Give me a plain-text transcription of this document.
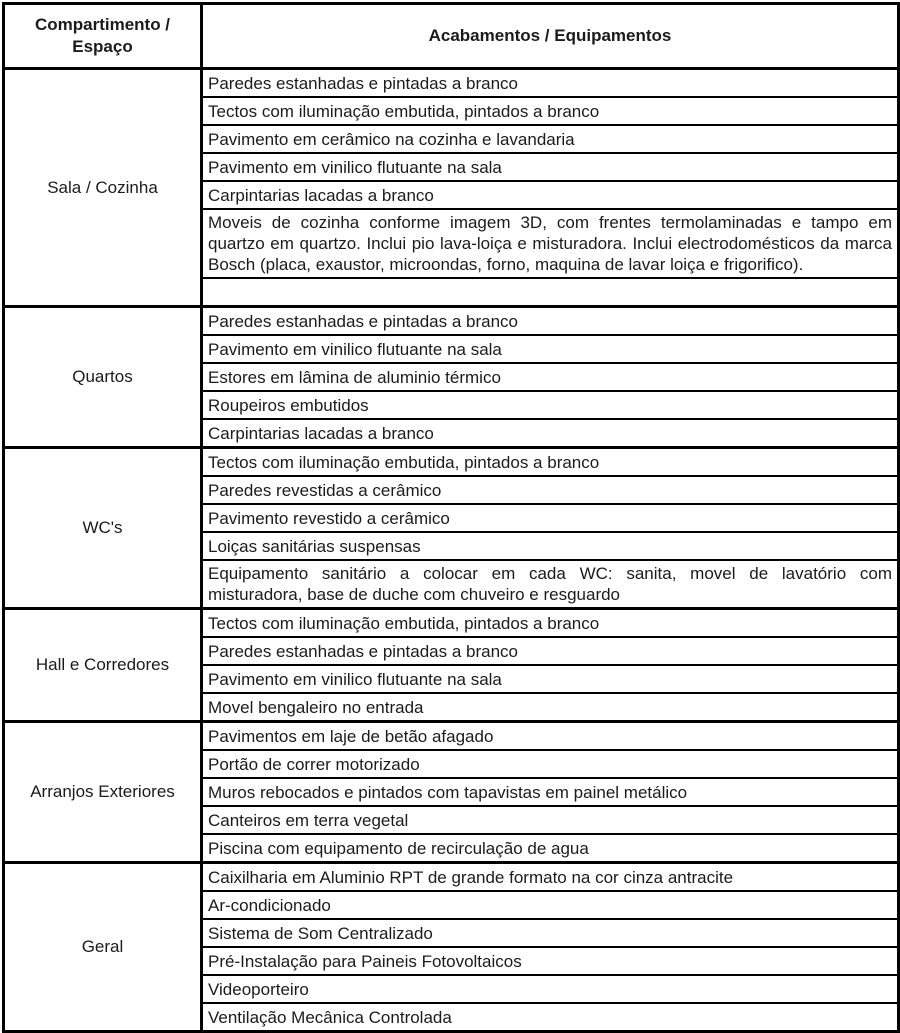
Compartimento / Espaço	Acabamentos / Equipamentos
Sala / Cozinha	Paredes estanhadas e pintadas a branco
	Tectos com iluminação embutida, pintados a branco
	Pavimento em cerâmico na cozinha e lavandaria
	Pavimento em vinilico flutuante na sala
	Carpintarias lacadas a branco
	Moveis de cozinha conforme imagem 3D, com frentes termolaminadas e tampo em quartzo em quartzo. Inclui pio lava-loiça e misturadora. Inclui electrodomésticos da marca Bosch (placa, exaustor, microondas, forno, maquina de lavar loiça e frigorifico).

Quartos	Paredes estanhadas e pintadas a branco
	Pavimento em vinilico flutuante na sala
	Estores em lâmina de aluminio térmico
	Roupeiros embutidos
	Carpintarias lacadas a branco
WC's	Tectos com iluminação embutida, pintados a branco
	Paredes revestidas a cerâmico
	Pavimento revestido a cerâmico
	Loiças sanitárias suspensas
	Equipamento sanitário a colocar em cada WC: sanita, movel de lavatório com misturadora, base de duche com chuveiro e resguardo
Hall e Corredores	Tectos com iluminação embutida, pintados a branco
	Paredes estanhadas e pintadas a branco
	Pavimento em vinilico flutuante na sala
	Movel bengaleiro no entrada
Arranjos Exteriores	Pavimentos em laje de betão afagado
	Portão de correr motorizado
	Muros rebocados e pintados com tapavistas em painel metálico
	Canteiros em terra vegetal
	Piscina com equipamento de recirculação de agua
Geral	Caixilharia em Aluminio RPT de grande formato na cor cinza antracite
	Ar-condicionado
	Sistema de Som Centralizado
	Pré-Instalação para Paineis Fotovoltaicos
	Videoporteiro
	Ventilação Mecânica Controlada
